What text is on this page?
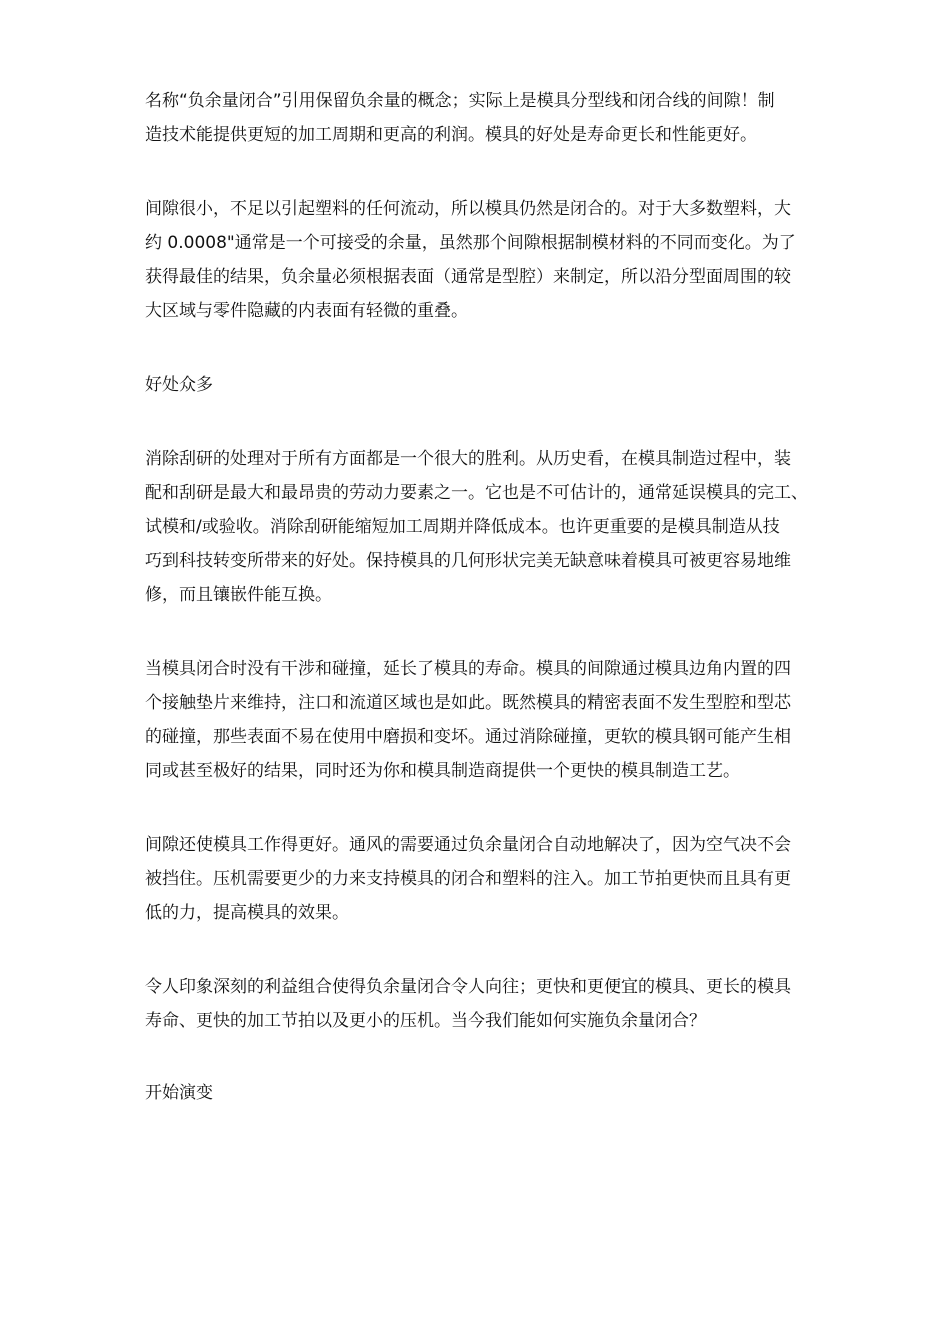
名称“负余量闭合”引用保留负余量的概念；实际上是模具分型线和闭合线的间隙！制
造技术能提供更短的加工周期和更高的利润。模具的好处是寿命更长和性能更好。

间隙很小，不足以引起塑料的任何流动，所以模具仍然是闭合的。对于大多数塑料，大
约 0.0008"通常是一个可接受的余量，虽然那个间隙根据制模材料的不同而变化。为了
获得最佳的结果，负余量必须根据表面（通常是型腔）来制定，所以沿分型面周围的较
大区域与零件隐藏的内表面有轻微的重叠。

好处众多

消除刮研的处理对于所有方面都是一个很大的胜利。从历史看，在模具制造过程中，装
配和刮研是最大和最昂贵的劳动力要素之一。它也是不可估计的，通常延误模具的完工、
试模和/或验收。消除刮研能缩短加工周期并降低成本。也许更重要的是模具制造从技
巧到科技转变所带来的好处。保持模具的几何形状完美无缺意味着模具可被更容易地维
修，而且镶嵌件能互换。

当模具闭合时没有干涉和碰撞，延长了模具的寿命。模具的间隙通过模具边角内置的四
个接触垫片来维持，注口和流道区域也是如此。既然模具的精密表面不发生型腔和型芯
的碰撞，那些表面不易在使用中磨损和变坏。通过消除碰撞，更软的模具钢可能产生相
同或甚至极好的结果，同时还为你和模具制造商提供一个更快的模具制造工艺。

间隙还使模具工作得更好。通风的需要通过负余量闭合自动地解决了，因为空气决不会
被挡住。压机需要更少的力来支持模具的闭合和塑料的注入。加工节拍更快而且具有更
低的力，提高模具的效果。

令人印象深刻的利益组合使得负余量闭合令人向往；更快和更便宜的模具、更长的模具
寿命、更快的加工节拍以及更小的压机。当今我们能如何实施负余量闭合？

开始演变
